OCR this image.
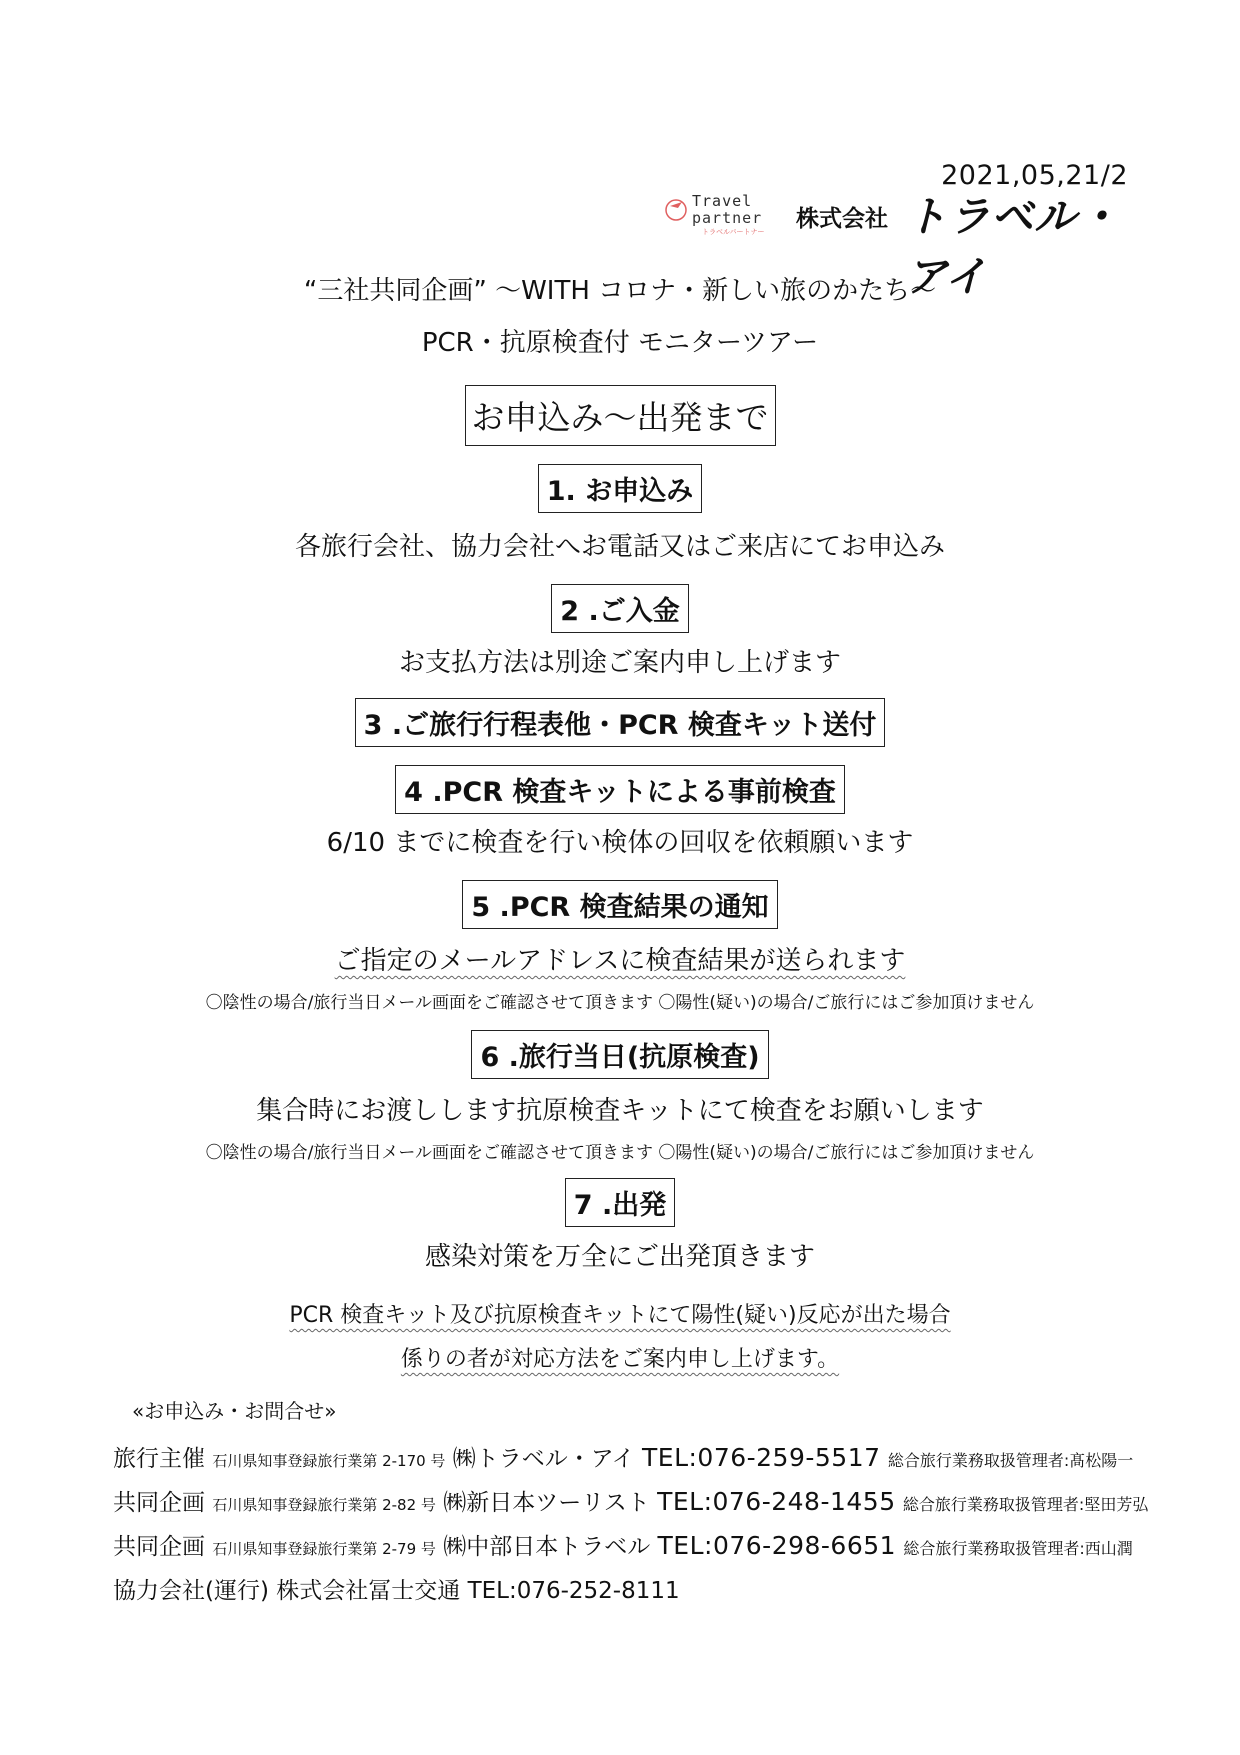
2021,05,21/2
Travel
partner
トラベルパートナー 株式会社 トラベル・アイ
“三社共同企画” ～WITH コロナ・新しい旅のかたち～
PCR・抗原検査付 モニターツアー
お申込み～出発まで
1. お申込み
各旅行会社、協力会社へお電話又はご来店にてお申込み
2 .ご入金
お支払方法は別途ご案内申し上げます
3 .ご旅行行程表他・PCR 検査キット送付
4 .PCR 検査キットによる事前検査
6/10 までに検査を行い検体の回収を依頼願います
5 .PCR 検査結果の通知
ご指定のメールアドレスに検査結果が送られます
〇陰性の場合/旅行当日メール画面をご確認させて頂きます 〇陽性(疑い)の場合/ご旅行にはご参加頂けません
6 .旅行当日(抗原検査)
集合時にお渡しします抗原検査キットにて検査をお願いします
〇陰性の場合/旅行当日メール画面をご確認させて頂きます 〇陽性(疑い)の場合/ご旅行にはご参加頂けません
7 .出発
感染対策を万全にご出発頂きます
PCR 検査キット及び抗原検査キットにて陽性(疑い)反応が出た場合
係りの者が対応方法をご案内申し上げます。
«お申込み・お問合せ»
旅行主催 石川県知事登録旅行業第 2-170 号 ㈱トラベル・アイ TEL:076-259-5517 総合旅行業務取扱管理者:髙松陽一
共同企画 石川県知事登録旅行業第 2-82 号 ㈱新日本ツーリスト TEL:076-248-1455 総合旅行業務取扱管理者:堅田芳弘
共同企画 石川県知事登録旅行業第 2-79 号 ㈱中部日本トラベル TEL:076-298-6651 総合旅行業務取扱管理者:西山潤
協力会社(運行) 株式会社冨士交通 TEL:076-252-8111
